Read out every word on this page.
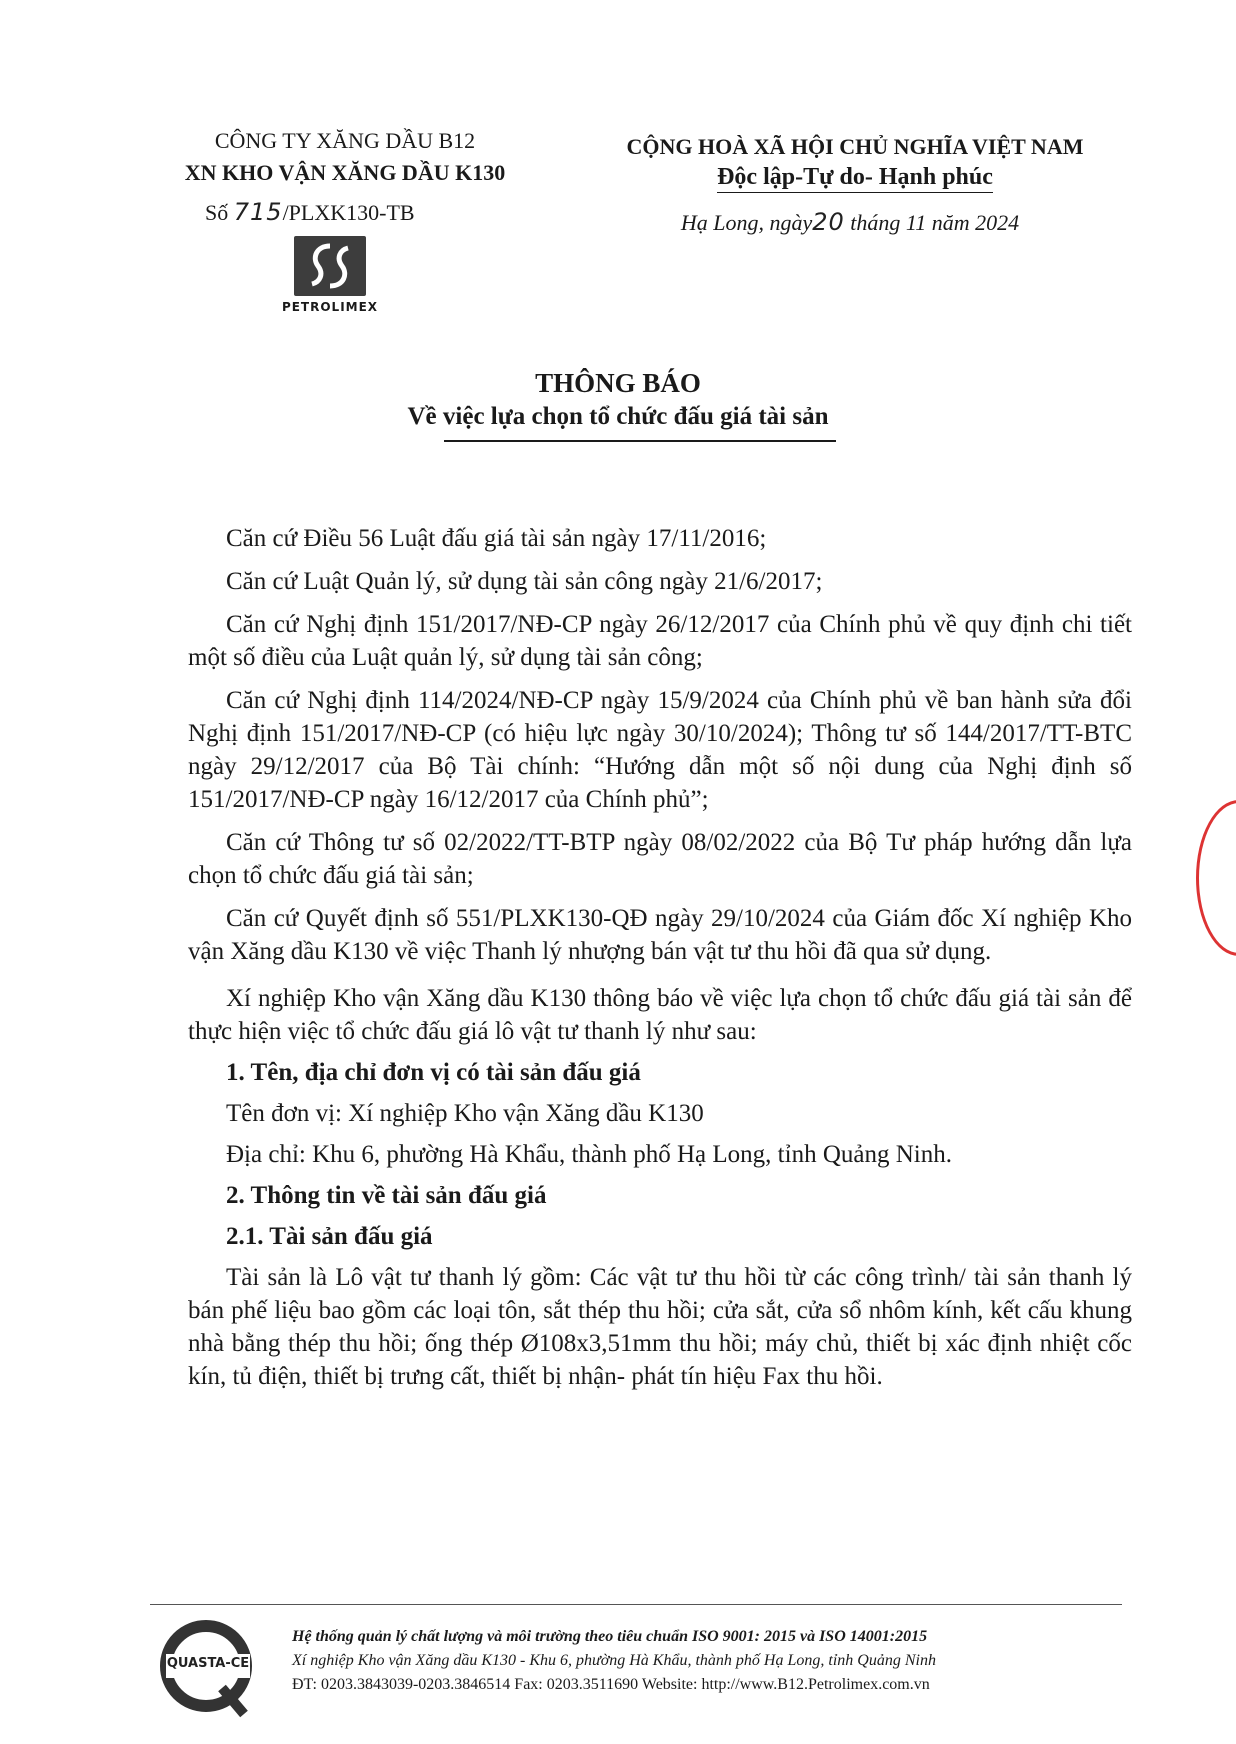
CÔNG TY XĂNG DẦU B12
XN KHO VẬN XĂNG DẦU K130
Số 715/PLXK130-TB
PETROLIMEX
CỘNG HOÀ XÃ HỘI CHỦ NGHĨA VIỆT NAM
Độc lập-Tự do- Hạnh phúc
Hạ Long, ngày20 tháng 11 năm 2024
THÔNG BÁO
Về việc lựa chọn tổ chức đấu giá tài sản

Căn cứ Điều 56 Luật đấu giá tài sản ngày 17/11/2016;

Căn cứ Luật Quản lý, sử dụng tài sản công ngày 21/6/2017;

Căn cứ Nghị định 151/2017/NĐ-CP ngày 26/12/2017 của Chính phủ về quy định chi tiết một số điều của Luật quản lý, sử dụng tài sản công;

Căn cứ Nghị định 114/2024/NĐ-CP ngày 15/9/2024 của Chính phủ về ban hành sửa đổi Nghị định 151/2017/NĐ-CP (có hiệu lực ngày 30/10/2024); Thông tư số 144/2017/TT-BTC ngày 29/12/2017 của Bộ Tài chính: “Hướng dẫn một số nội dung của Nghị định số 151/2017/NĐ-CP ngày 16/12/2017 của Chính phủ”;

Căn cứ Thông tư số 02/2022/TT-BTP ngày 08/02/2022 của Bộ Tư pháp hướng dẫn lựa chọn tổ chức đấu giá tài sản;

Căn cứ Quyết định số 551/PLXK130-QĐ ngày 29/10/2024 của Giám đốc Xí nghiệp Kho vận Xăng dầu K130 về việc Thanh lý nhượng bán vật tư thu hồi đã qua sử dụng.

Xí nghiệp Kho vận Xăng dầu K130 thông báo về việc lựa chọn tổ chức đấu giá tài sản để thực hiện việc tổ chức đấu giá lô vật tư thanh lý như sau:

1. Tên, địa chỉ đơn vị có tài sản đấu giá

Tên đơn vị: Xí nghiệp Kho vận Xăng dầu K130

Địa chỉ: Khu 6, phường Hà Khẩu, thành phố Hạ Long, tỉnh Quảng Ninh.

2. Thông tin về tài sản đấu giá

2.1. Tài sản đấu giá

Tài sản là Lô vật tư thanh lý gồm: Các vật tư thu hồi từ các công trình/ tài sản thanh lý bán phế liệu bao gồm các loại tôn, sắt thép thu hồi; cửa sắt, cửa sổ nhôm kính, kết cấu khung nhà bằng thép thu hồi; ống thép Ø108x3,51mm thu hồi; máy chủ, thiết bị xác định nhiệt cốc kín, tủ điện, thiết bị trưng cất, thiết bị nhận- phát tín hiệu Fax thu hồi.

QUASTA-CE
Hệ thống quản lý chất lượng và môi trường theo tiêu chuẩn ISO 9001: 2015 và ISO 14001:2015
Xí nghiệp Kho vận Xăng dầu K130 - Khu 6, phường Hà Khẩu, thành phố Hạ Long, tỉnh Quảng Ninh
ĐT: 0203.3843039-0203.3846514 Fax: 0203.3511690 Website: http://www.B12.Petrolimex.com.vn
